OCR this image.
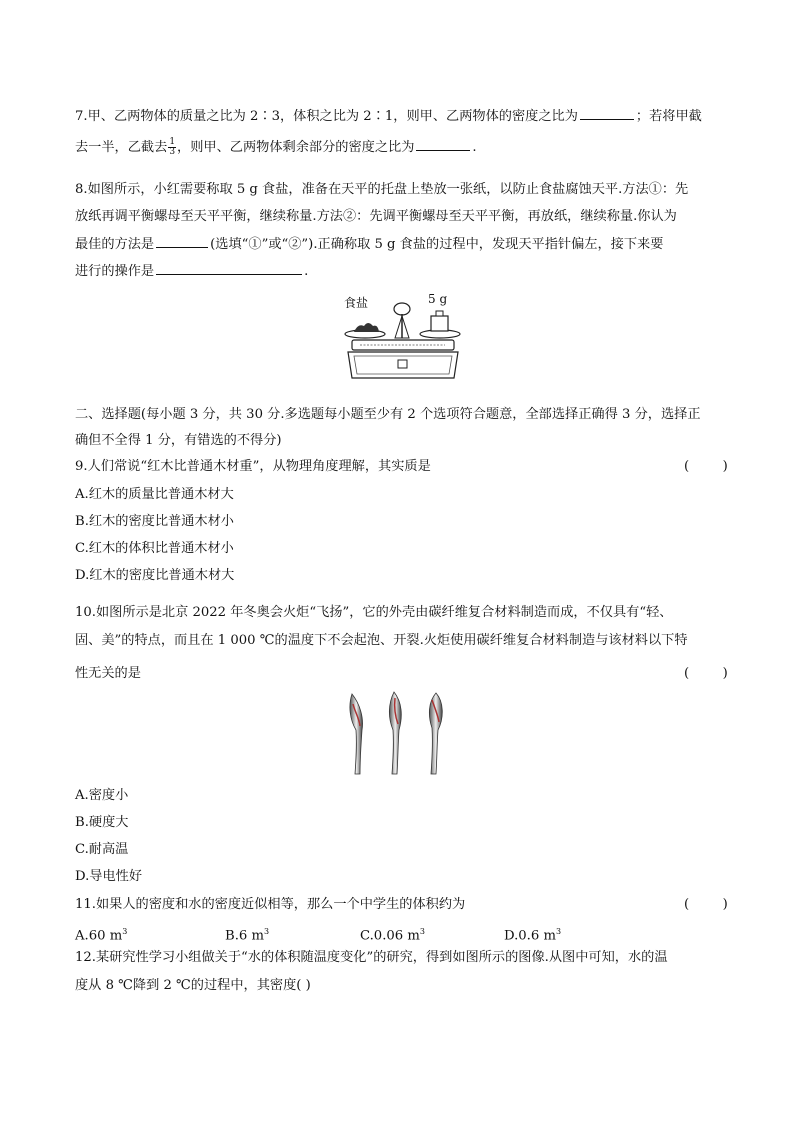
7.甲、乙两物体的质量之比为 2∶3，体积之比为 2∶1，则甲、乙两物体的密度之比为	；若将甲截
去一半，乙截去 $\frac{1}{3}$ ，则甲、乙两物体剩余部分的密度之比为	.
8.如图所示，小红需要称取 5 g 食盐，准备在天平的托盘上垫放一张纸，以防止食盐腐蚀天平.方法①：先
放纸再调平衡螺母至天平平衡，继续称量.方法②：先调平衡螺母至天平平衡，再放纸，继续称量.你认为
最佳的方法是	(选填“①”或“②”).正确称取 5 g 食盐的过程中，发现天平指针偏左，接下来要
进行的操作是	.
食盐	5 g
二、选择题(每小题 3 分，共 30 分.多选题每小题至少有 2 个选项符合题意，全部选择正确得 3 分，选择正
确但不全得 1 分，有错选的不得分)
9.人们常说“红木比普通木材重”，从物理角度理解，其实质是	(        )
A.红木的质量比普通木材大
B.红木的密度比普通木材小
C.红木的体积比普通木材小
D.红木的密度比普通木材大
10.如图所示是北京 2022 年冬奥会火炬“飞扬”，它的外壳由碳纤维复合材料制造而成，不仅具有“轻、
固、美”的特点，而且在 1 000 ℃的温度下不会起泡、开裂.火炬使用碳纤维复合材料制造与该材料以下特
性无关的是	(        )
A.密度小
B.硬度大
C.耐高温
D.导电性好
11.如果人的密度和水的密度近似相等，那么一个中学生的体积约为	(        )
A.60 $m^3$	B.6 $m^3$	C.0.06 $m^3$	D.0.6 $m^3$
12.某研究性学习小组做关于“水的体积随温度变化”的研究，得到如图所示的图像.从图中可知，水的温
度从 8 ℃降到 2 ℃的过程中，其密度( )
